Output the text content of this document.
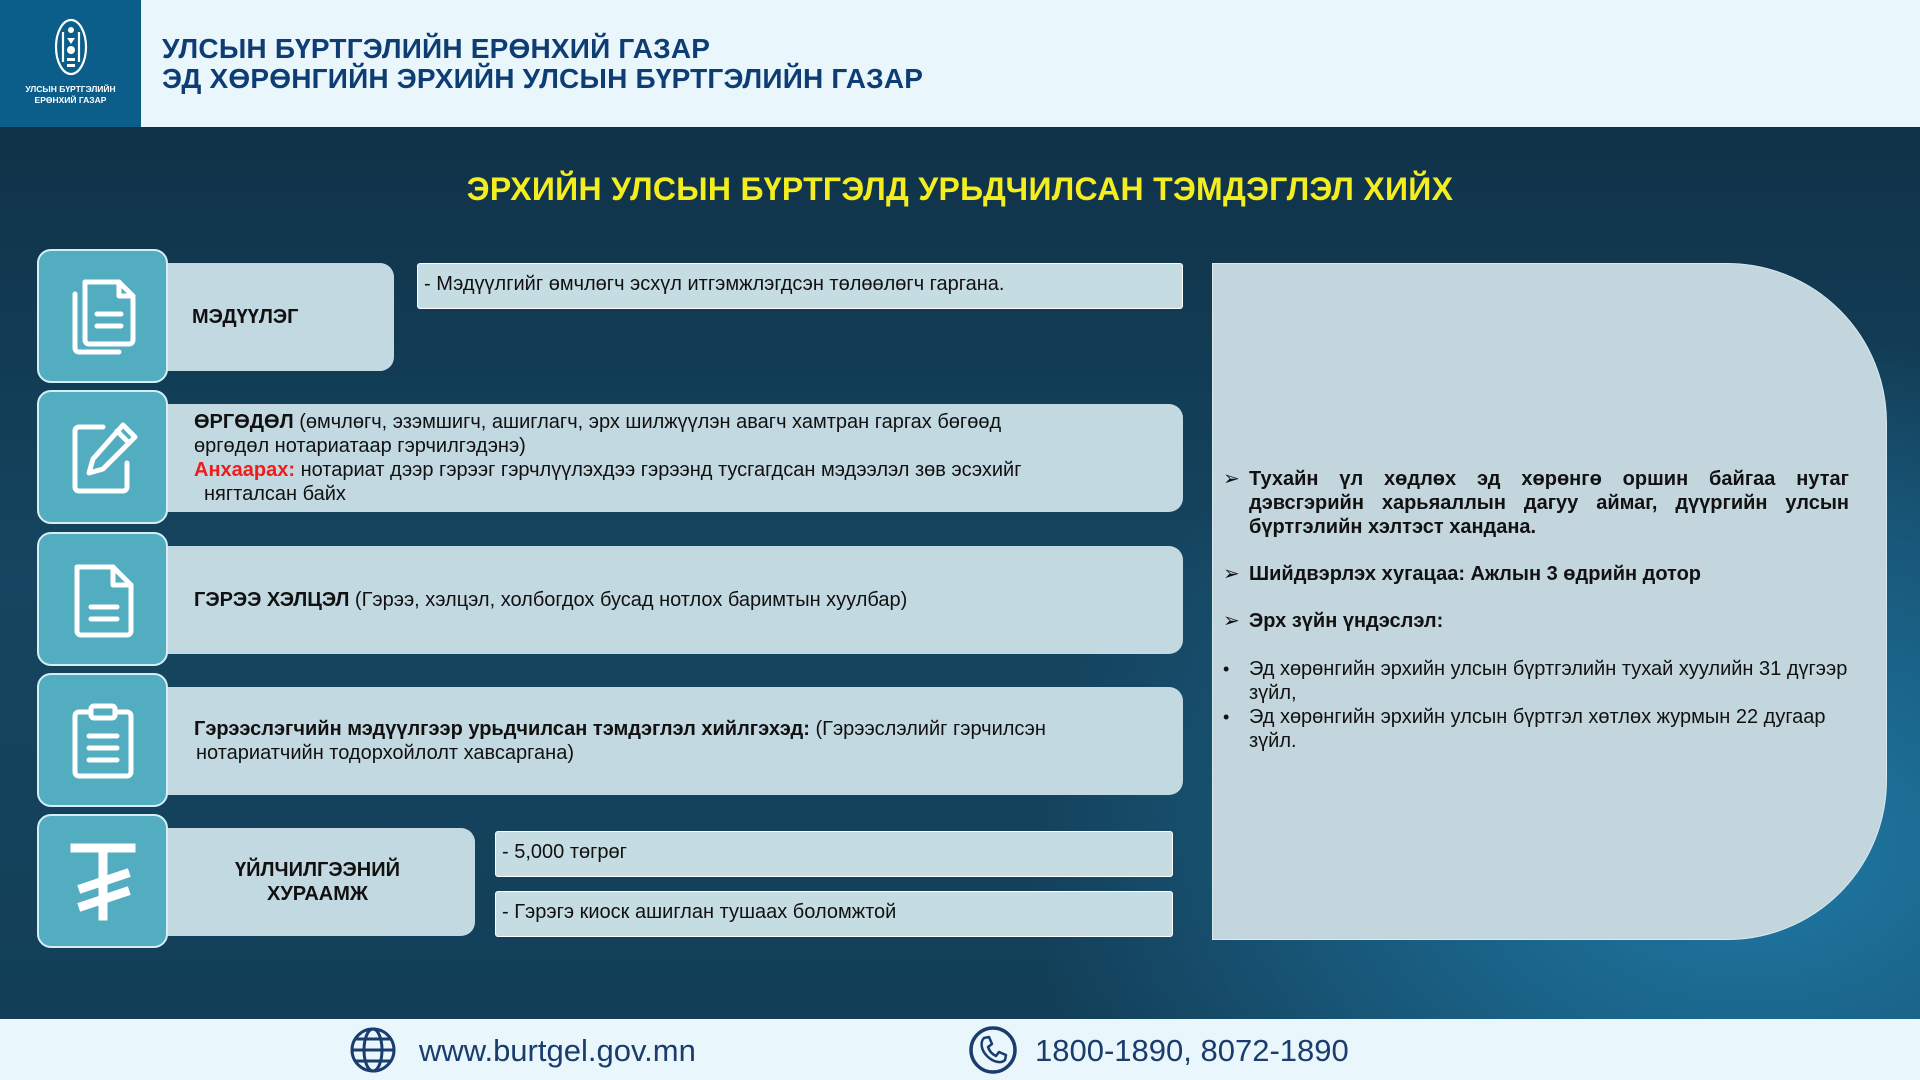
УЛСЫН БҮРТГЭЛИЙН
ЕРӨНХИЙ ГАЗАР
УЛСЫН БҮРТГЭЛИЙН ЕРӨНХИЙ ГАЗАР
ЭД ХӨРӨНГИЙН ЭРХИЙН УЛСЫН БҮРТГЭЛИЙН ГАЗАР
ЭРХИЙН УЛСЫН БҮРТГЭЛД УРЬДЧИЛСАН ТЭМДЭГЛЭЛ ХИЙХ
МЭДҮҮЛЭГ
- Мэдүүлгийг өмчлөгч эсхүл итгэмжлэгдсэн төлөөлөгч гаргана.
ӨРГӨДӨЛ (өмчлөгч, эзэмшигч, ашиглагч, эрх шилжүүлэн авагч хамтран гаргах бөгөөд
өргөдөл нотариатаар гэрчилгэдэнэ)
Анхаарах: нотариат дээр гэрээг гэрчлүүлэхдээ гэрээнд тусгагдсан мэдээлэл зөв эсэхийг
нягталсан байх
ГЭРЭЭ ХЭЛЦЭЛ (Гэрээ, хэлцэл, холбогдох бусад нотлох баримтын хуулбар)
Гэрээслэгчийн мэдүүлгээр урьдчилсан тэмдэглэл хийлгэхэд: (Гэрээслэлийг гэрчилсэн
нотариатчийн тодорхойлолт хавсаргана)
ҮЙЛЧИЛГЭЭНИЙ
ХУРААМЖ
- 5,000 төгрөг
- Гэрэгэ киоск ашиглан тушаах боломжтой
➢ Тухайн үл хөдлөх эд хөрөнгө оршин байгаа нутаг дэвсгэрийн харьяаллын дагуу аймаг, дүүргийн улсын бүртгэлийн хэлтэст хандана.
➢ Шийдвэрлэх хугацаа: Ажлын 3 өдрийн дотор
➢ Эрх зүйн үндэслэл:
• Эд хөрөнгийн эрхийн улсын бүртгэлийн тухай хуулийн 31 дүгээр зүйл,
• Эд хөрөнгийн эрхийн улсын бүртгэл хөтлөх журмын 22 дугаар зүйл.
www.burtgel.gov.mn	1800-1890, 8072-1890
